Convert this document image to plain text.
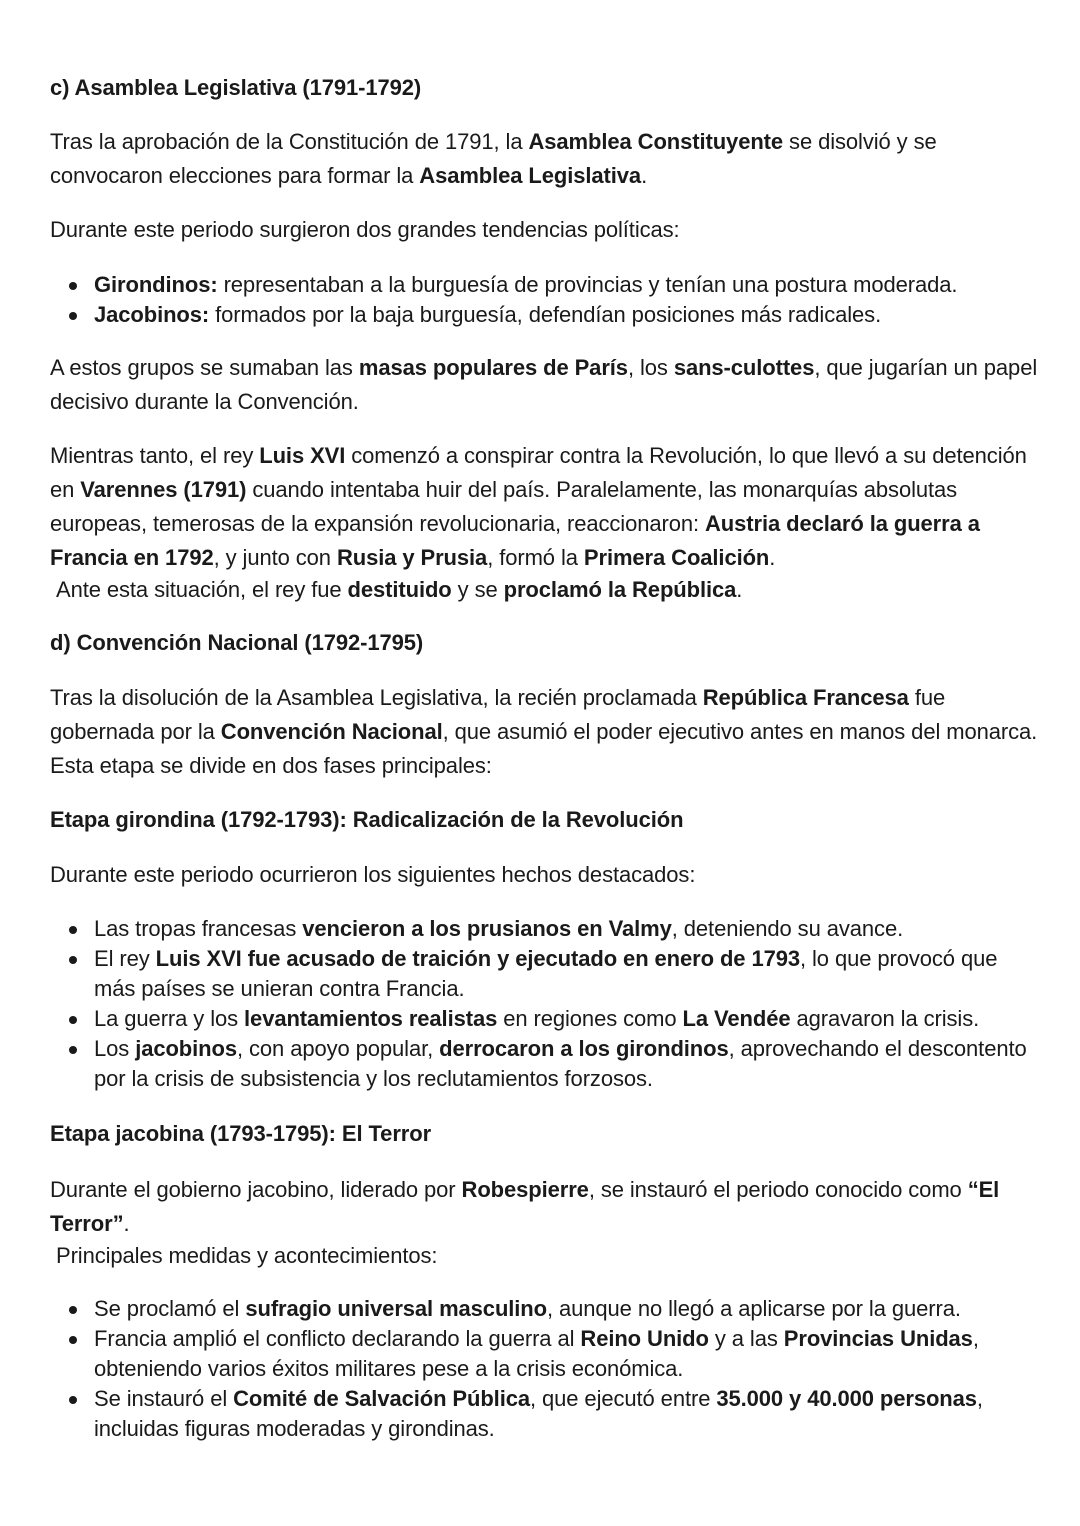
c) Asamblea Legislativa (1791-1792)
Tras la aprobación de la Constitución de 1791, la Asamblea Constituyente se disolvió y se convocaron elecciones para formar la Asamblea Legislativa.
Durante este periodo surgieron dos grandes tendencias políticas:
Girondinos: representaban a la burguesía de provincias y tenían una postura moderada.
Jacobinos: formados por la baja burguesía, defendían posiciones más radicales.
A estos grupos se sumaban las masas populares de París, los sans-culottes, que jugarían un papel decisivo durante la Convención.
Mientras tanto, el rey Luis XVI comenzó a conspirar contra la Revolución, lo que llevó a su detención en Varennes (1791) cuando intentaba huir del país. Paralelamente, las monarquías absolutas europeas, temerosas de la expansión revolucionaria, reaccionaron: Austria declaró la guerra a Francia en 1792, y junto con Rusia y Prusia, formó la Primera Coalición.
Ante esta situación, el rey fue destituido y se proclamó la República.
d) Convención Nacional (1792-1795)
Tras la disolución de la Asamblea Legislativa, la recién proclamada República Francesa fue gobernada por la Convención Nacional, que asumió el poder ejecutivo antes en manos del monarca. Esta etapa se divide en dos fases principales:
Etapa girondina (1792-1793): Radicalización de la Revolución
Durante este periodo ocurrieron los siguientes hechos destacados:
Las tropas francesas vencieron a los prusianos en Valmy, deteniendo su avance.
El rey Luis XVI fue acusado de traición y ejecutado en enero de 1793, lo que provocó que más países se unieran contra Francia.
La guerra y los levantamientos realistas en regiones como La Vendée agravaron la crisis.
Los jacobinos, con apoyo popular, derrocaron a los girondinos, aprovechando el descontento por la crisis de subsistencia y los reclutamientos forzosos.
Etapa jacobina (1793-1795): El Terror
Durante el gobierno jacobino, liderado por Robespierre, se instauró el periodo conocido como “El Terror”.
Principales medidas y acontecimientos:
Se proclamó el sufragio universal masculino, aunque no llegó a aplicarse por la guerra.
Francia amplió el conflicto declarando la guerra al Reino Unido y a las Provincias Unidas, obteniendo varios éxitos militares pese a la crisis económica.
Se instauró el Comité de Salvación Pública, que ejecutó entre 35.000 y 40.000 personas, incluidas figuras moderadas y girondinas.
